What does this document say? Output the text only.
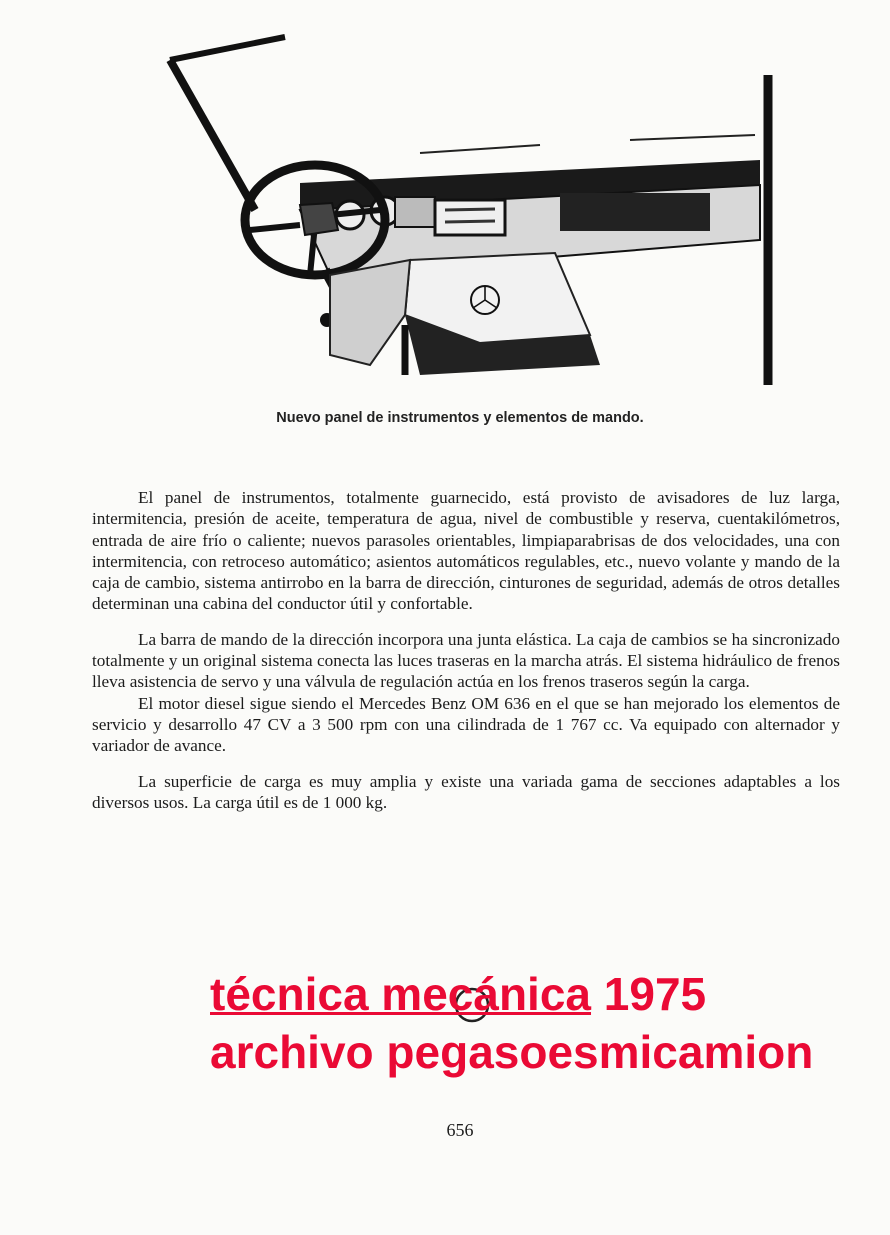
Nuevo panel de instrumentos y elementos de mando.

El panel de instrumentos, totalmente guarnecido, está provisto de avisadores de luz larga, intermitencia, presión de aceite, temperatura de agua, nivel de combustible y reserva, cuentakilómetros, entrada de aire frío o caliente; nuevos parasoles orientables, limpiaparabrisas de dos velocidades, una con intermitencia, con retroceso automático; asientos automáticos regulables, etc., nuevo volante y mando de la caja de cambio, sistema antirrobo en la barra de dirección, cinturones de seguridad, además de otros detalles determinan una cabina del conductor útil y confortable.

La barra de mando de la dirección incorpora una junta elástica. La caja de cambios se ha sincronizado totalmente y un original sistema conecta las luces traseras en la marcha atrás. El sistema hidráulico de frenos lleva asistencia de servo y una válvula de regulación actúa en los frenos traseros según la carga.

El motor diesel sigue siendo el Mercedes Benz OM 636 en el que se han mejorado los elementos de servicio y desarrollo 47 CV a 3 500 rpm con una cilindrada de 1 767 cc. Va equipado con alternador y variador de avance.

La superficie de carga es muy amplia y existe una variada gama de secciones adaptables a los diversos usos. La carga útil es de 1 000 kg.

técnica mecánica 1975
archivo pegasoesmicamion
656
